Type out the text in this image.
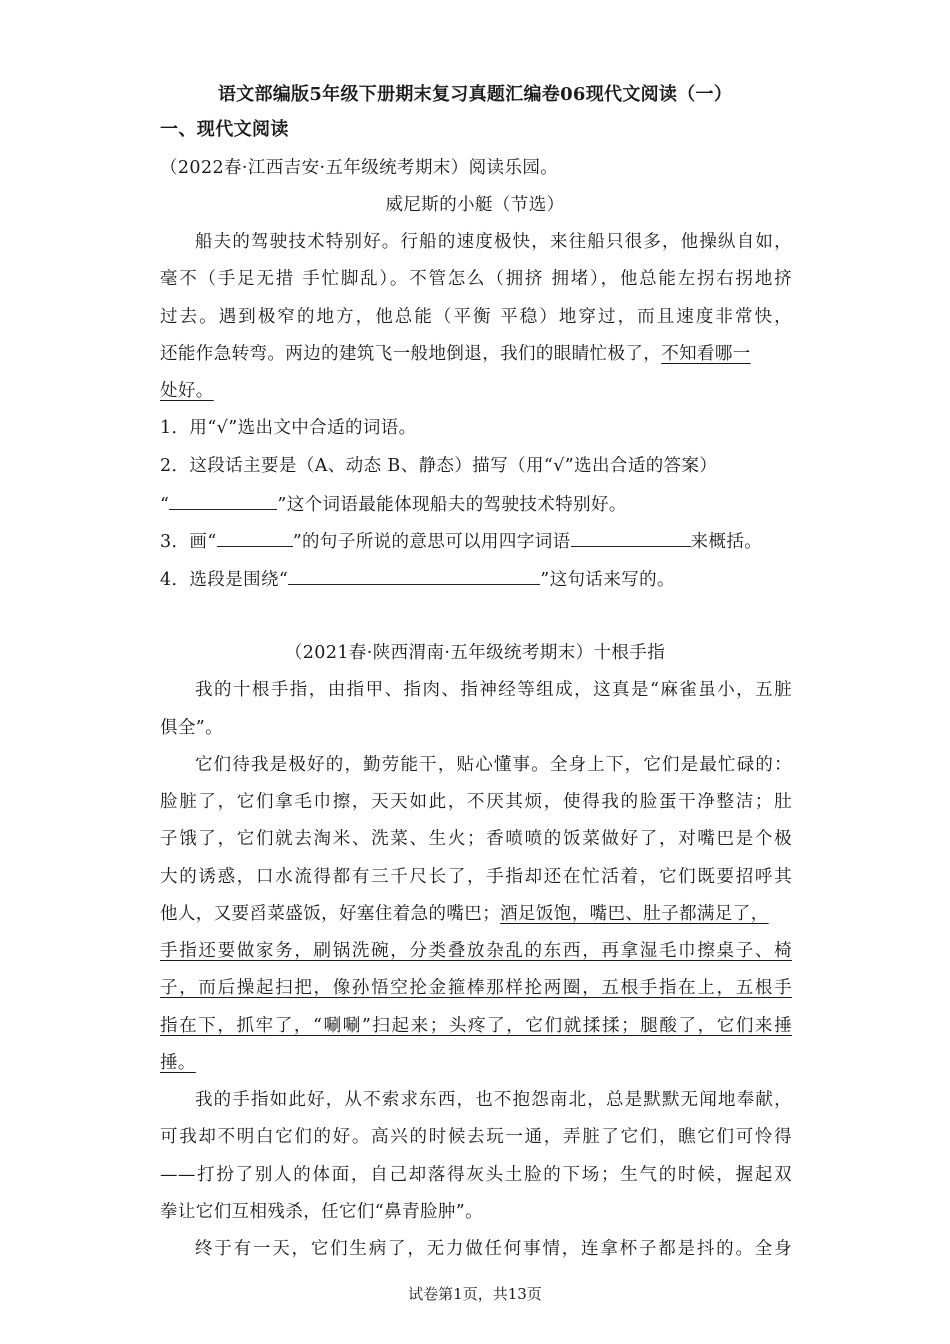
语文部编版5年级下册期末复习真题汇编卷06现代文阅读（一）
一、现代文阅读
（2022春·江西吉安·五年级统考期末）阅读乐园。
威尼斯的小艇（节选）
船夫的驾驶技术特别好。行船的速度极快，来往船只很多，他操纵自如，
毫不（手足无措 手忙脚乱）。不管怎么（拥挤 拥堵），他总能左拐右拐地挤
过去。遇到极窄的地方，他总能（平衡 平稳）地穿过，而且速度非常快，
还能作急转弯。两边的建筑飞一般地倒退，我们的眼睛忙极了，不知看哪一
处好。
1．用“√”选出文中合适的词语。
2．这段话主要是（A、动态 B、静态）描写（用“√”选出合适的答案）
“	”这个词语最能体现船夫的驾驶技术特别好。
3．画“	”的句子所说的意思可以用四字词语	来概括。
4．选段是围绕“	”这句话来写的。
（2021春·陕西渭南·五年级统考期末）十根手指
我的十根手指，由指甲、指肉、指神经等组成，这真是“麻雀虽小，五脏
俱全”。
它们待我是极好的，勤劳能干，贴心懂事。全身上下，它们是最忙碌的：
脸脏了，它们拿毛巾擦，天天如此，不厌其烦，使得我的脸蛋干净整洁；肚
子饿了，它们就去淘米、洗菜、生火；香喷喷的饭菜做好了，对嘴巴是个极
大的诱惑，口水流得都有三千尺长了，手指却还在忙活着，它们既要招呼其
他人，又要舀菜盛饭，好塞住着急的嘴巴；酒足饭饱，嘴巴、肚子都满足了，
手指还要做家务，刷锅洗碗，分类叠放杂乱的东西，再拿湿毛巾擦桌子、椅
子，而后操起扫把，像孙悟空抡金箍棒那样抡两圈，五根手指在上，五根手
指在下，抓牢了，“唰唰”扫起来；头疼了，它们就揉揉；腿酸了，它们来捶
捶。
我的手指如此好，从不索求东西，也不抱怨南北，总是默默无闻地奉献，
可我却不明白它们的好。高兴的时候去玩一通，弄脏了它们，瞧它们可怜得
——打扮了别人的体面，自己却落得灰头土脸的下场；生气的时候，握起双
拳让它们互相残杀，任它们“鼻青脸肿”。
终于有一天，它们生病了，无力做任何事情，连拿杯子都是抖的。全身
试卷第1页，共13页
